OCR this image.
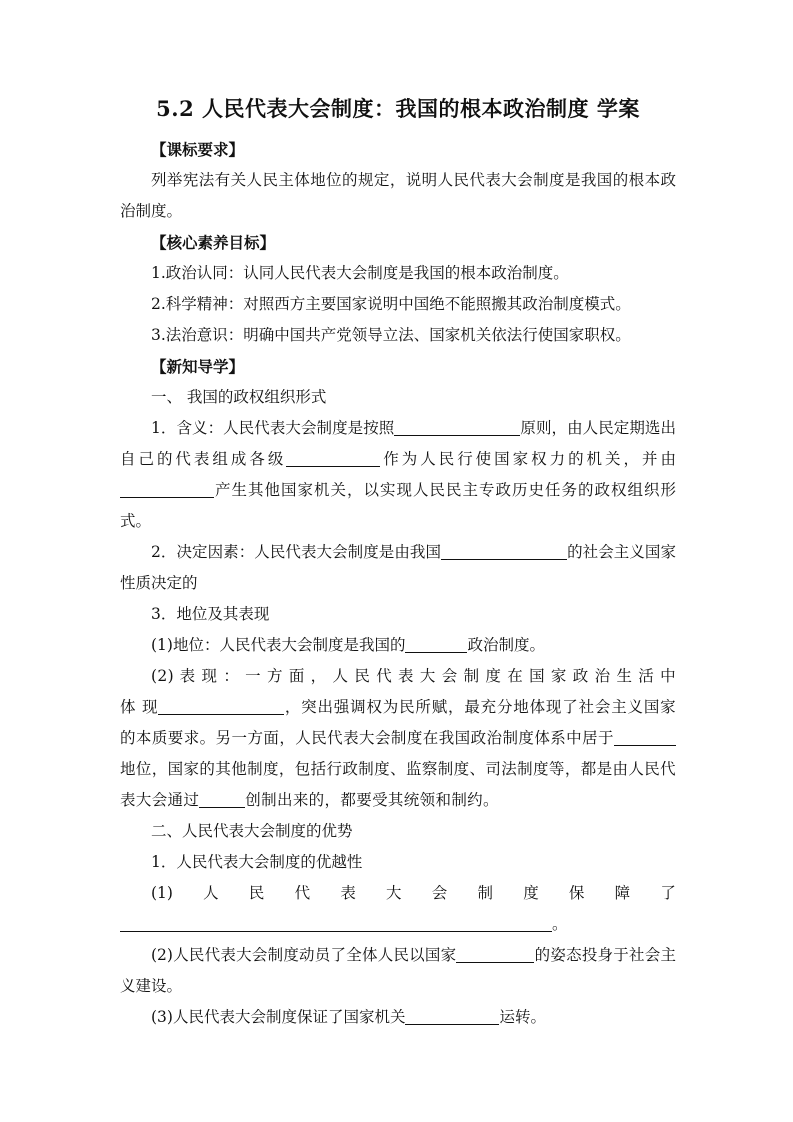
5.2 人民代表大会制度：我国的根本政治制度 学案

【课标要求】

列举宪法有关人民主体地位的规定，说明人民代表大会制度是我国的根本政治制度。

【核心素养目标】

1.政治认同：认同人民代表大会制度是我国的根本政治制度。

2.科学精神：对照西方主要国家说明中国绝不能照搬其政治制度模式。

3.法治意识：明确中国共产党领导立法、国家机关依法行使国家职权。

【新知导学】

一、 我国的政权组织形式

1．含义：人民代表大会制度是按照	原则，由人民定期选出自己的代表组成各级	作为人民行使国家权力的机关，并由产生其他国家机关，以实现人民民主专政历史任务的政权组织形式。

2．决定因素：人民代表大会制度是由我国	的社会主义国家性质决定的

3．地位及其表现

(1)地位：人民代表大会制度是我国的	政治制度。

(2) 表 现 ： 一 方 面 ， 人 民 代 表 大 会 制 度 在 国 家 政 治 生 活 中 体 现	，突出强调权为民所赋，最充分地体现了社会主义国家的本质要求。另一方面，人民代表大会制度在我国政治制度体系中居于地位，国家的其他制度，包括行政制度、监察制度、司法制度等，都是由人民代表大会通过	创制出来的，都要受其统领和制约。

二、人民代表大会制度的优势

1．人民代表大会制度的优越性

(1) 人 民 代 表 大 会 制 度 保 障 了

。

(2)人民代表大会制度动员了全体人民以国家	的姿态投身于社会主义建设。

(3)人民代表大会制度保证了国家机关	运转。
